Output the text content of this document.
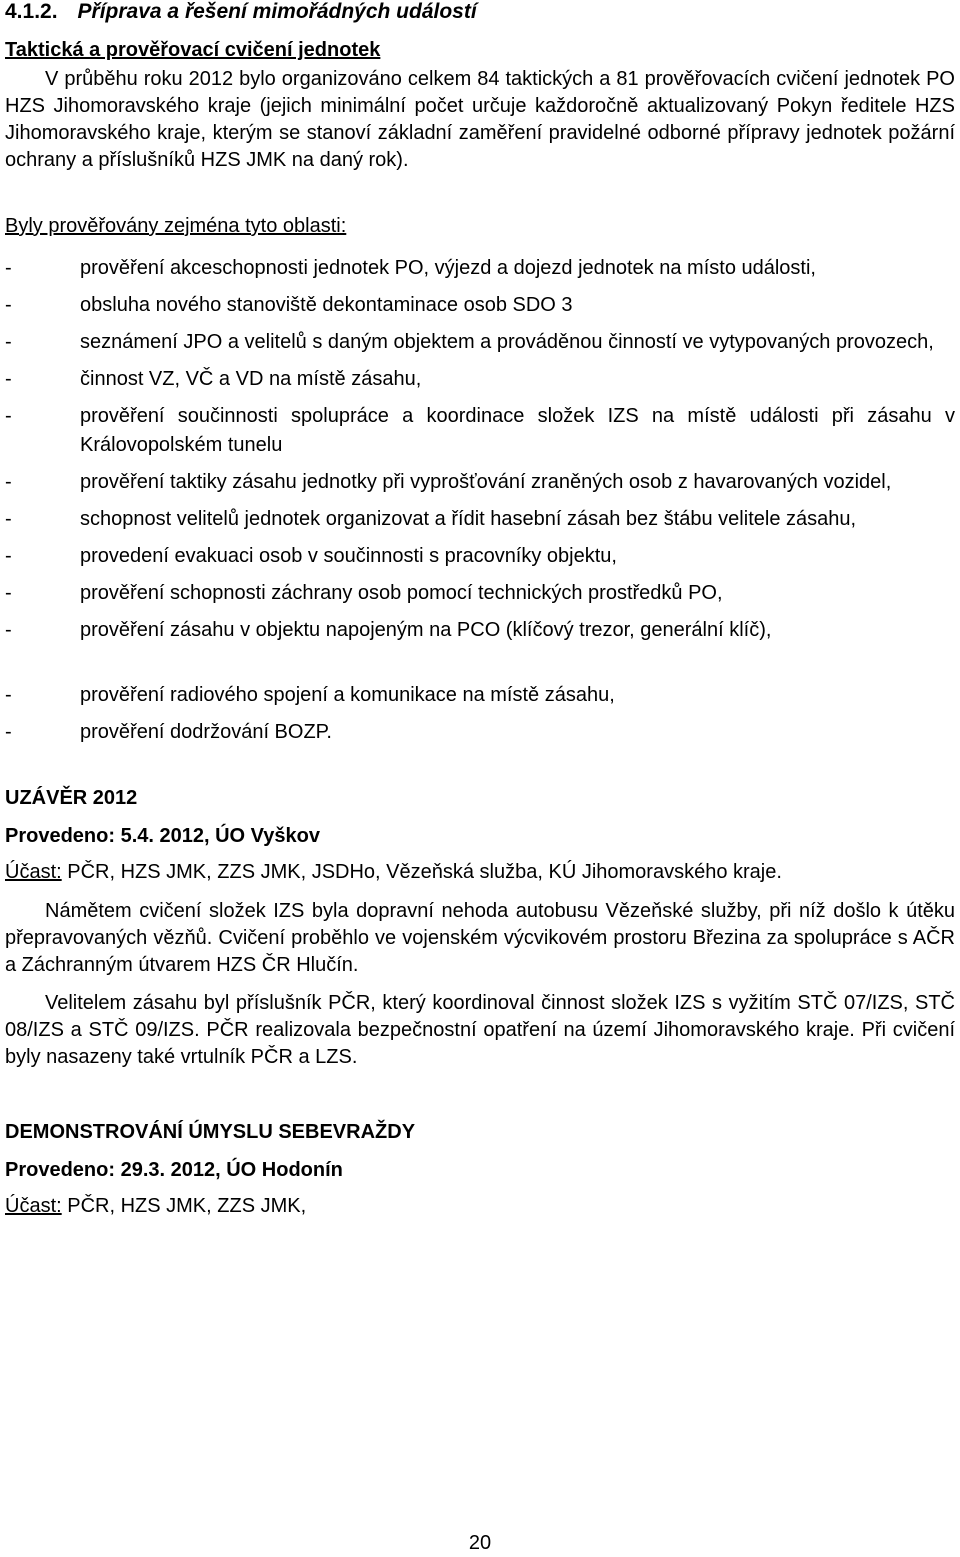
4.1.2. Příprava a řešení mimořádných událostí

Taktická a prověřovací cvičení jednotek

V průběhu roku 2012 bylo organizováno celkem 84 taktických a 81 prověřovacích cvičení jednotek PO HZS Jihomoravského kraje (jejich minimální počet určuje každoročně aktualizovaný Pokyn ředitele HZS Jihomoravského kraje, kterým se stanoví základní zaměření pravidelné odborné přípravy jednotek požární ochrany a příslušníků HZS JMK na daný rok).

Byly prověřovány zejména tyto oblasti:

- prověření akceschopnosti jednotek PO, výjezd a dojezd jednotek na místo události,
- obsluha nového stanoviště dekontaminace osob SDO 3
- seznámení JPO a velitelů s daným objektem a prováděnou činností ve vytypovaných provozech,
- činnost VZ, VČ a VD na místě zásahu,
- prověření součinnosti spolupráce a koordinace složek IZS na místě události při zásahu v Královopolském tunelu
- prověření taktiky zásahu jednotky při vyprošťování zraněných osob z havarovaných vozidel,
- schopnost velitelů jednotek organizovat a řídit hasební zásah bez štábu velitele zásahu,
- provedení evakuaci osob v součinnosti s pracovníky objektu,
- prověření schopnosti záchrany osob pomocí technických prostředků PO,
- prověření zásahu v objektu napojeným na PCO (klíčový trezor, generální klíč),
- prověření radiového spojení a komunikace na místě zásahu,
- prověření dodržování BOZP.

UZÁVĚR 2012

Provedeno: 5.4. 2012, ÚO Vyškov

Účast: PČR, HZS JMK, ZZS JMK, JSDHo, Vězeňská služba, KÚ Jihomoravského kraje.

Námětem cvičení složek IZS byla dopravní nehoda autobusu Vězeňské služby, při níž došlo k útěku přepravovaných vězňů. Cvičení proběhlo ve vojenském výcvikovém prostoru Březina za spolupráce s AČR a Záchranným útvarem HZS ČR Hlučín.

Velitelem zásahu byl příslušník PČR, který koordinoval činnost složek IZS s vyžitím STČ 07/IZS, STČ 08/IZS a STČ 09/IZS. PČR realizovala bezpečnostní opatření na území Jihomoravského kraje. Při cvičení byly nasazeny také vrtulník PČR a LZS.

DEMONSTROVÁNÍ ÚMYSLU SEBEVRAŽDY

Provedeno: 29.3. 2012, ÚO Hodonín

Účast: PČR, HZS JMK, ZZS JMK,

20
